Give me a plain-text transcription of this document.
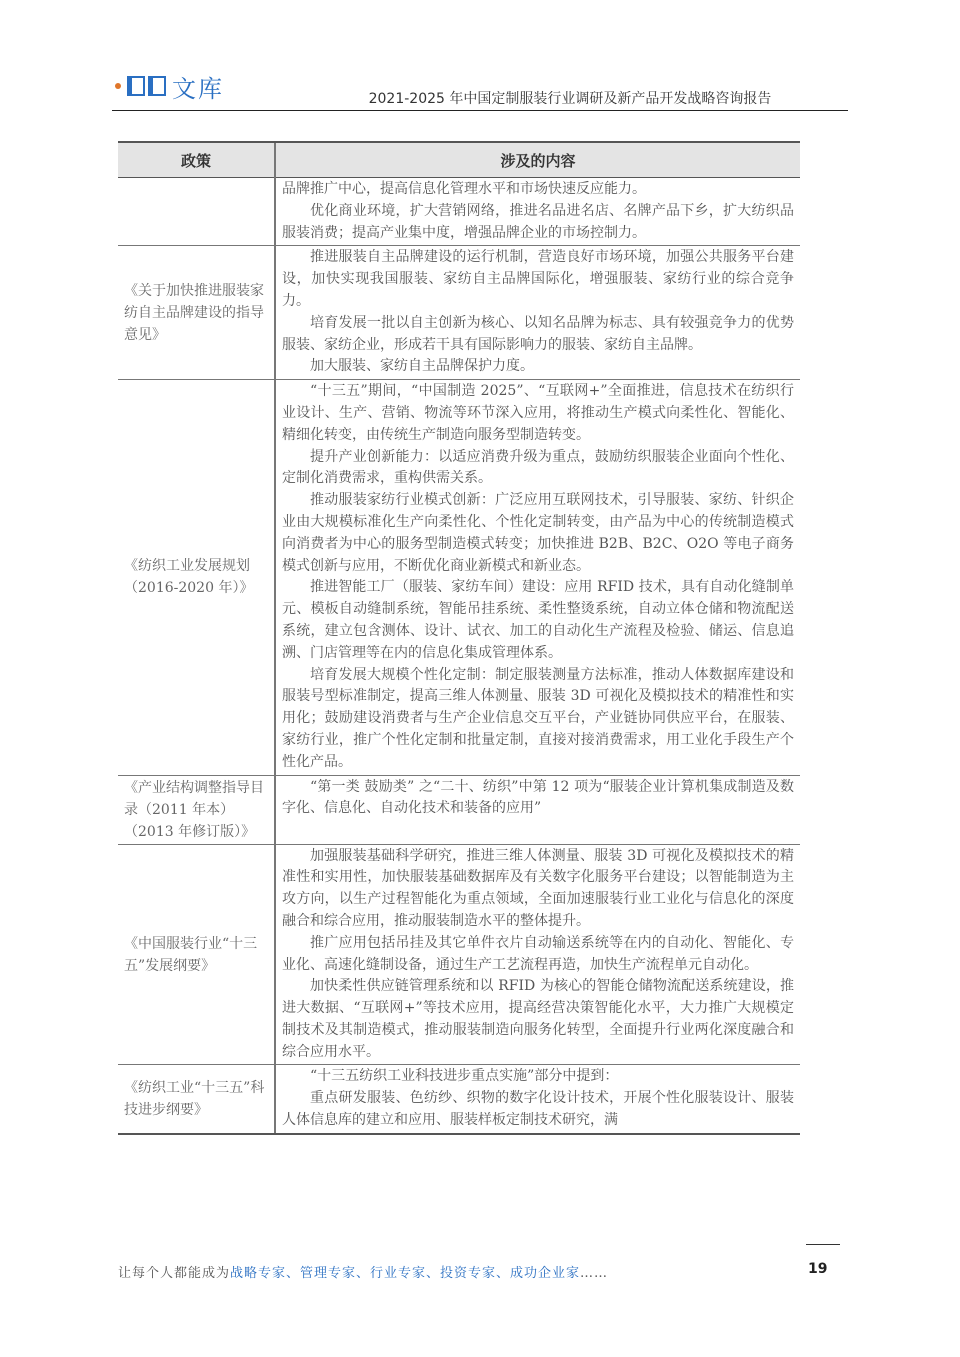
文库	2021-2025 年中国定制服装行业调研及新产品开发战略咨询报告
政策	涉及的内容

	品牌推广中心，提高信息化管理水平和市场快速反应能力。

优化商业环境，扩大营销网络，推进名品进名店、名牌产品下乡，扩大纺织品服装消费；提高产业集中度，增强品牌企业的市场控制力。

《关于加快推进服装家纺自主品牌建设的指导意见》	推进服装自主品牌建设的运行机制，营造良好市场环境，加强公共服务平台建设，加快实现我国服装、家纺自主品牌国际化，增强服装、家纺行业的综合竞争力。

培育发展一批以自主创新为核心、以知名品牌为标志、具有较强竞争力的优势服装、家纺企业，形成若干具有国际影响力的服装、家纺自主品牌。

加大服装、家纺自主品牌保护力度。

《纺织工业发展规划（2016-2020 年）》	“十三五”期间，“中国制造 2025”、“互联网+”全面推进，信息技术在纺织行业设计、生产、营销、物流等环节深入应用，将推动生产模式向柔性化、智能化、精细化转变，由传统生产制造向服务型制造转变。

提升产业创新能力：以适应消费升级为重点，鼓励纺织服装企业面向个性化、定制化消费需求，重构供需关系。

推动服装家纺行业模式创新：广泛应用互联网技术，引导服装、家纺、针织企业由大规模标准化生产向柔性化、个性化定制转变，由产品为中心的传统制造模式向消费者为中心的服务型制造模式转变；加快推进 B2B、B2C、O2O 等电子商务模式创新与应用，不断优化商业新模式和新业态。

推进智能工厂（服装、家纺车间）建设：应用 RFID 技术，具有自动化缝制单元、模板自动缝制系统，智能吊挂系统、柔性整烫系统，自动立体仓储和物流配送系统，建立包含测体、设计、试衣、加工的自动化生产流程及检验、储运、信息追溯、门店管理等在内的信息化集成管理体系。

培育发展大规模个性化定制：制定服装测量方法标准，推动人体数据库建设和服装号型标准制定，提高三维人体测量、服装 3D 可视化及模拟技术的精准性和实用化；鼓励建设消费者与生产企业信息交互平台，产业链协同供应平台，在服装、家纺行业，推广个性化定制和批量定制，直接对接消费需求，用工业化手段生产个性化产品。

《产业结构调整指导目录（2011 年本）（2013 年修订版）》	“第一类 鼓励类” 之“二十、纺织”中第 12 项为“服装企业计算机集成制造及数字化、信息化、自动化技术和装备的应用”

《中国服装行业“十三五”发展纲要》	加强服装基础科学研究，推进三维人体测量、服装 3D 可视化及模拟技术的精准性和实用性，加快服装基础数据库及有关数字化服务平台建设；以智能制造为主攻方向，以生产过程智能化为重点领域，全面加速服装行业工业化与信息化的深度融合和综合应用，推动服装制造水平的整体提升。

推广应用包括吊挂及其它单件衣片自动输送系统等在内的自动化、智能化、专业化、高速化缝制设备，通过生产工艺流程再造，加快生产流程单元自动化。

加快柔性供应链管理系统和以 RFID 为核心的智能仓储物流配送系统建设，推进大数据、“互联网+”等技术应用，提高经营决策智能化水平，大力推广大规模定制技术及其制造模式，推动服装制造向服务化转型，全面提升行业两化深度融合和综合应用水平。

《纺织工业“十三五”科技进步纲要》	“十三五纺织工业科技进步重点实施”部分中提到：

重点研发服装、色纺纱、织物的数字化设计技术，开展个性化服装设计、服装人体信息库的建立和应用、服装样板定制技术研究，满

让每个人都能成为战略专家、管理专家、行业专家、投资专家、成功企业家……	19
